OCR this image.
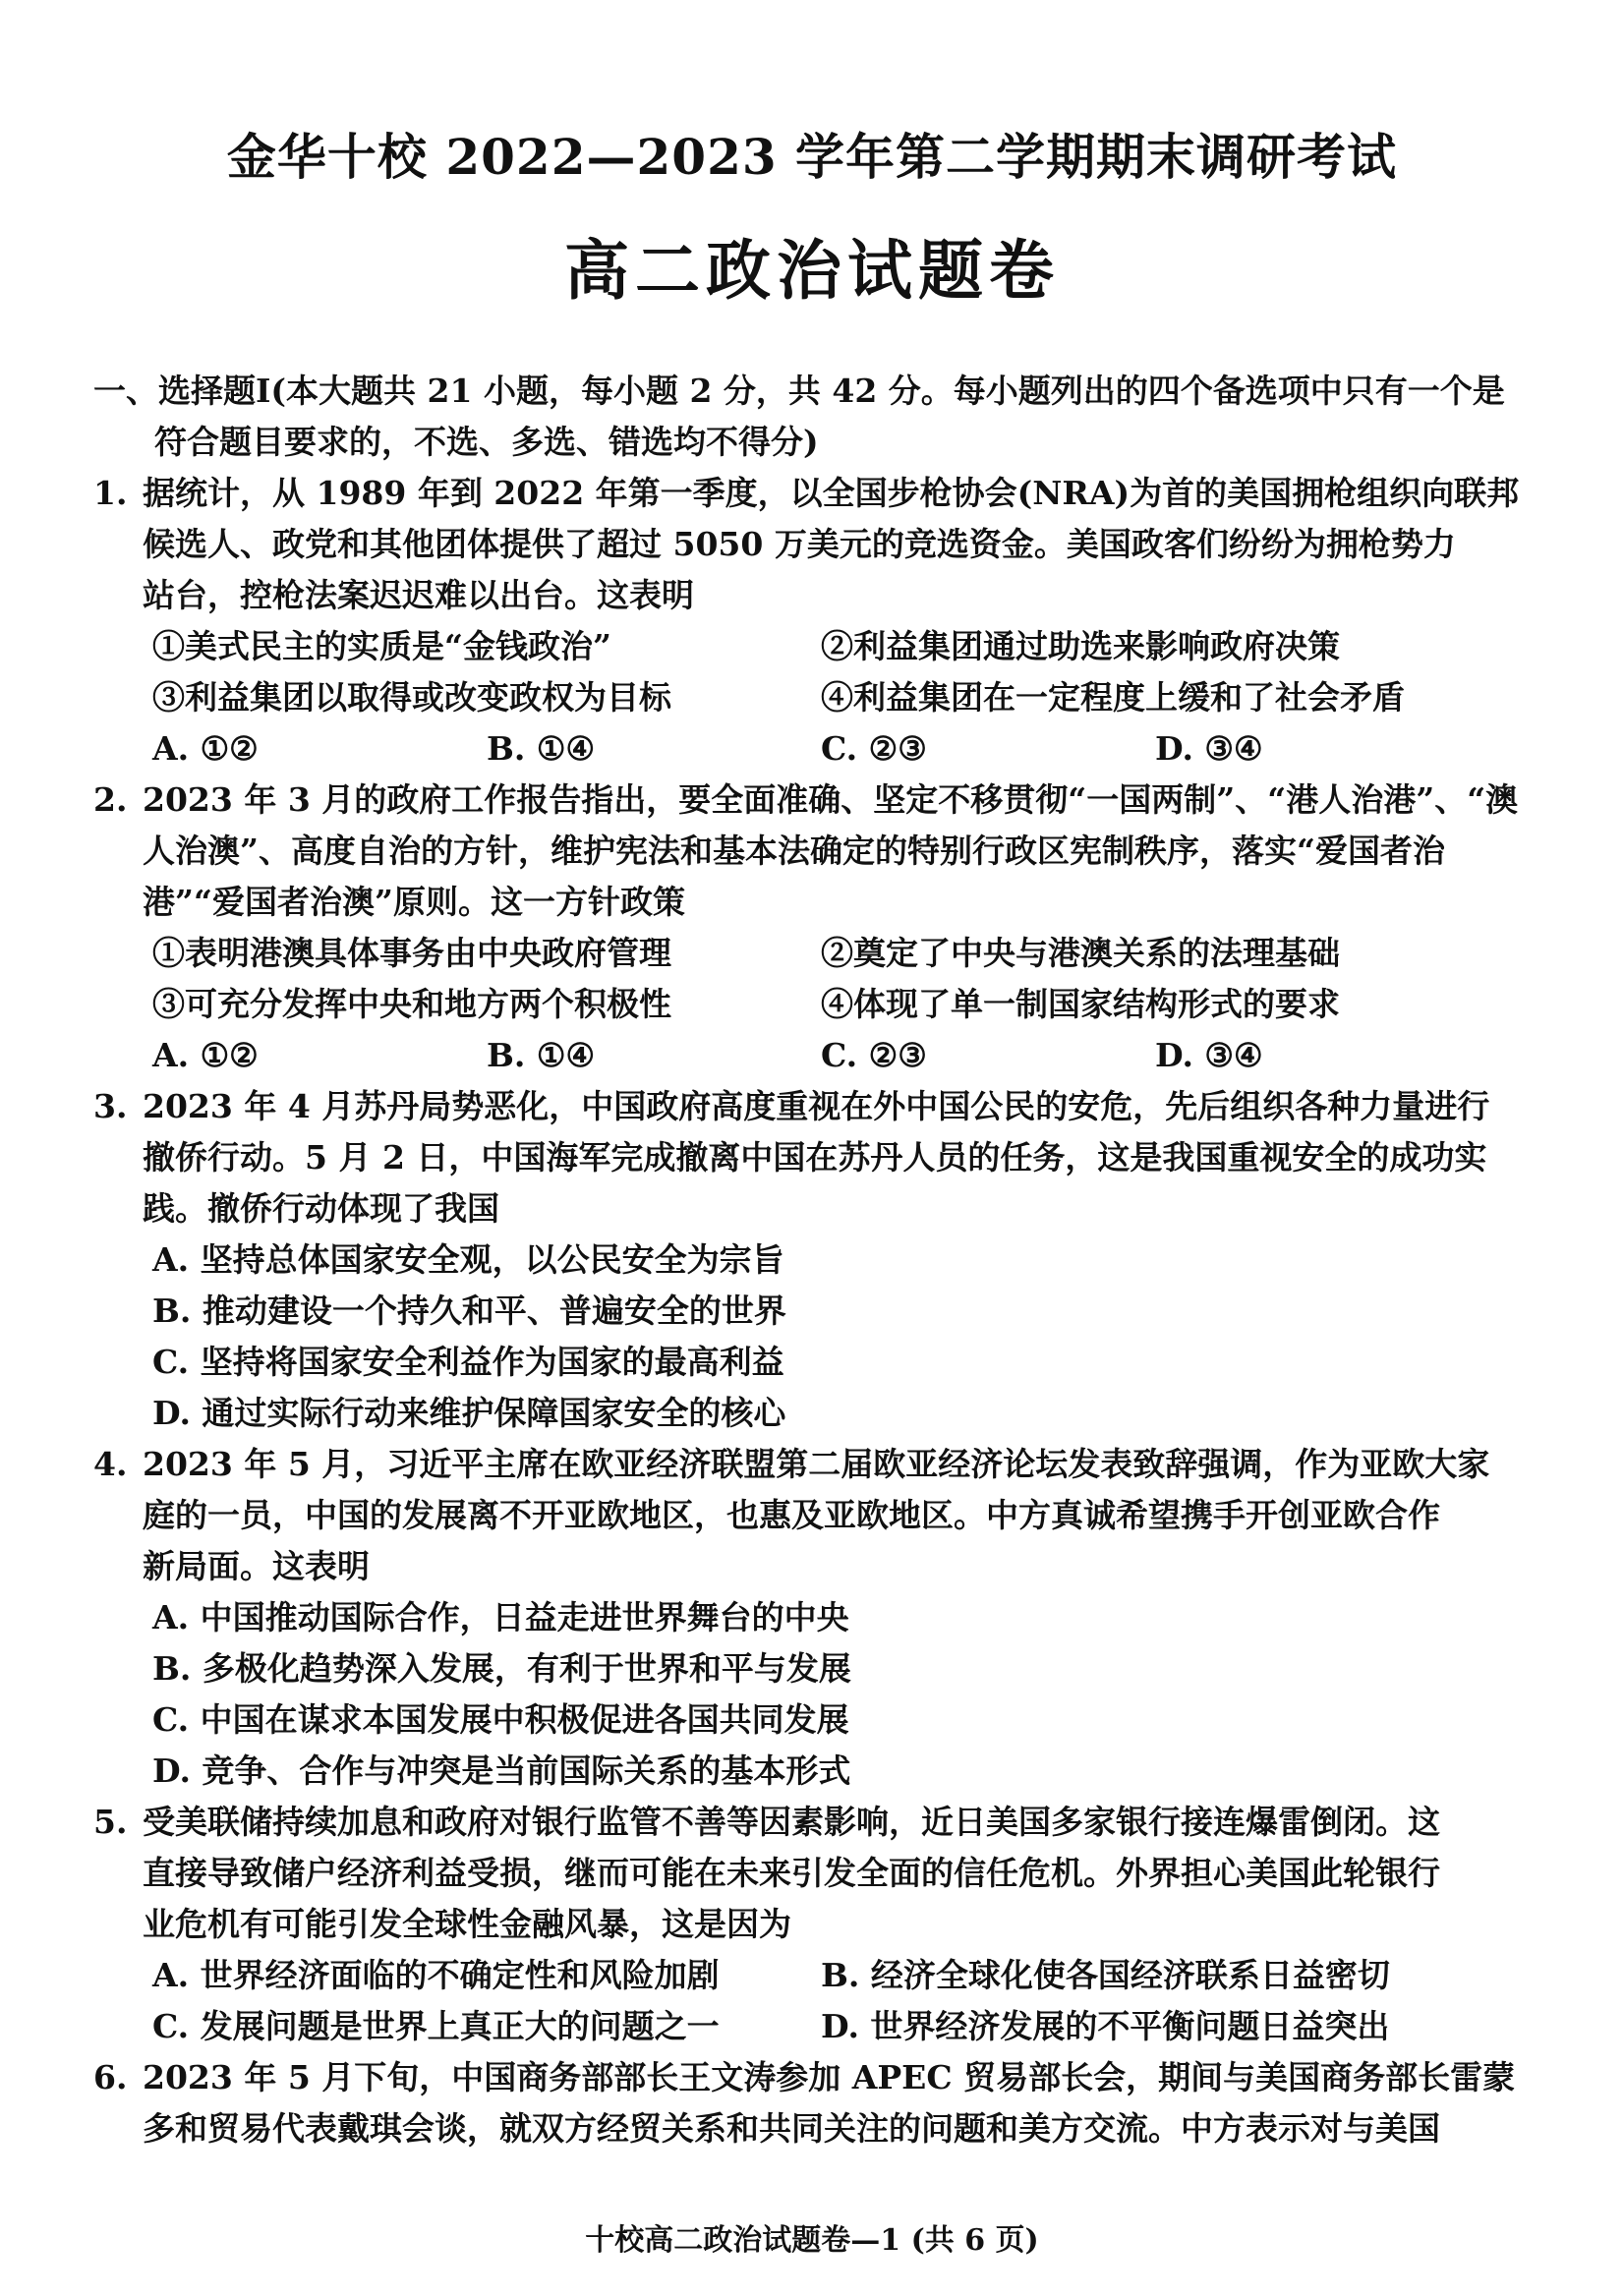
金华十校 2022—2023 学年第二学期期末调研考试
高二政治试题卷
一、选择题Ⅰ(本大题共 21 小题，每小题 2 分，共 42 分。每小题列出的四个备选项中只有一个是
符合题目要求的，不选、多选、错选均不得分)
1. 据统计，从 1989 年到 2022 年第一季度，以全国步枪协会(NRA)为首的美国拥枪组织向联邦
候选人、政党和其他团体提供了超过 5050 万美元的竞选资金。美国政客们纷纷为拥枪势力
站台，控枪法案迟迟难以出台。这表明
①美式民主的实质是“金钱政治”	②利益集团通过助选来影响政府决策
③利益集团以取得或改变政权为目标	④利益集团在一定程度上缓和了社会矛盾
A. ①②	B. ①④	C. ②③	D. ③④
2. 2023 年 3 月的政府工作报告指出，要全面准确、坚定不移贯彻“一国两制”、“港人治港”、“澳
人治澳”、高度自治的方针，维护宪法和基本法确定的特别行政区宪制秩序，落实“爱国者治
港”“爱国者治澳”原则。这一方针政策
①表明港澳具体事务由中央政府管理	②奠定了中央与港澳关系的法理基础
③可充分发挥中央和地方两个积极性	④体现了单一制国家结构形式的要求
A. ①②	B. ①④	C. ②③	D. ③④
3. 2023 年 4 月苏丹局势恶化，中国政府高度重视在外中国公民的安危，先后组织各种力量进行
撤侨行动。5 月 2 日，中国海军完成撤离中国在苏丹人员的任务，这是我国重视安全的成功实
践。撤侨行动体现了我国
A. 坚持总体国家安全观，以公民安全为宗旨
B. 推动建设一个持久和平、普遍安全的世界
C. 坚持将国家安全利益作为国家的最高利益
D. 通过实际行动来维护保障国家安全的核心
4. 2023 年 5 月，习近平主席在欧亚经济联盟第二届欧亚经济论坛发表致辞强调，作为亚欧大家
庭的一员，中国的发展离不开亚欧地区，也惠及亚欧地区。中方真诚希望携手开创亚欧合作
新局面。这表明
A. 中国推动国际合作，日益走进世界舞台的中央
B. 多极化趋势深入发展，有利于世界和平与发展
C. 中国在谋求本国发展中积极促进各国共同发展
D. 竞争、合作与冲突是当前国际关系的基本形式
5. 受美联储持续加息和政府对银行监管不善等因素影响，近日美国多家银行接连爆雷倒闭。这
直接导致储户经济利益受损，继而可能在未来引发全面的信任危机。外界担心美国此轮银行
业危机有可能引发全球性金融风暴，这是因为
A. 世界经济面临的不确定性和风险加剧	B. 经济全球化使各国经济联系日益密切
C. 发展问题是世界上真正大的问题之一	D. 世界经济发展的不平衡问题日益突出
6. 2023 年 5 月下旬，中国商务部部长王文涛参加 APEC 贸易部长会，期间与美国商务部长雷蒙
多和贸易代表戴琪会谈，就双方经贸关系和共同关注的问题和美方交流。中方表示对与美国
十校高二政治试题卷—1 (共 6 页)
